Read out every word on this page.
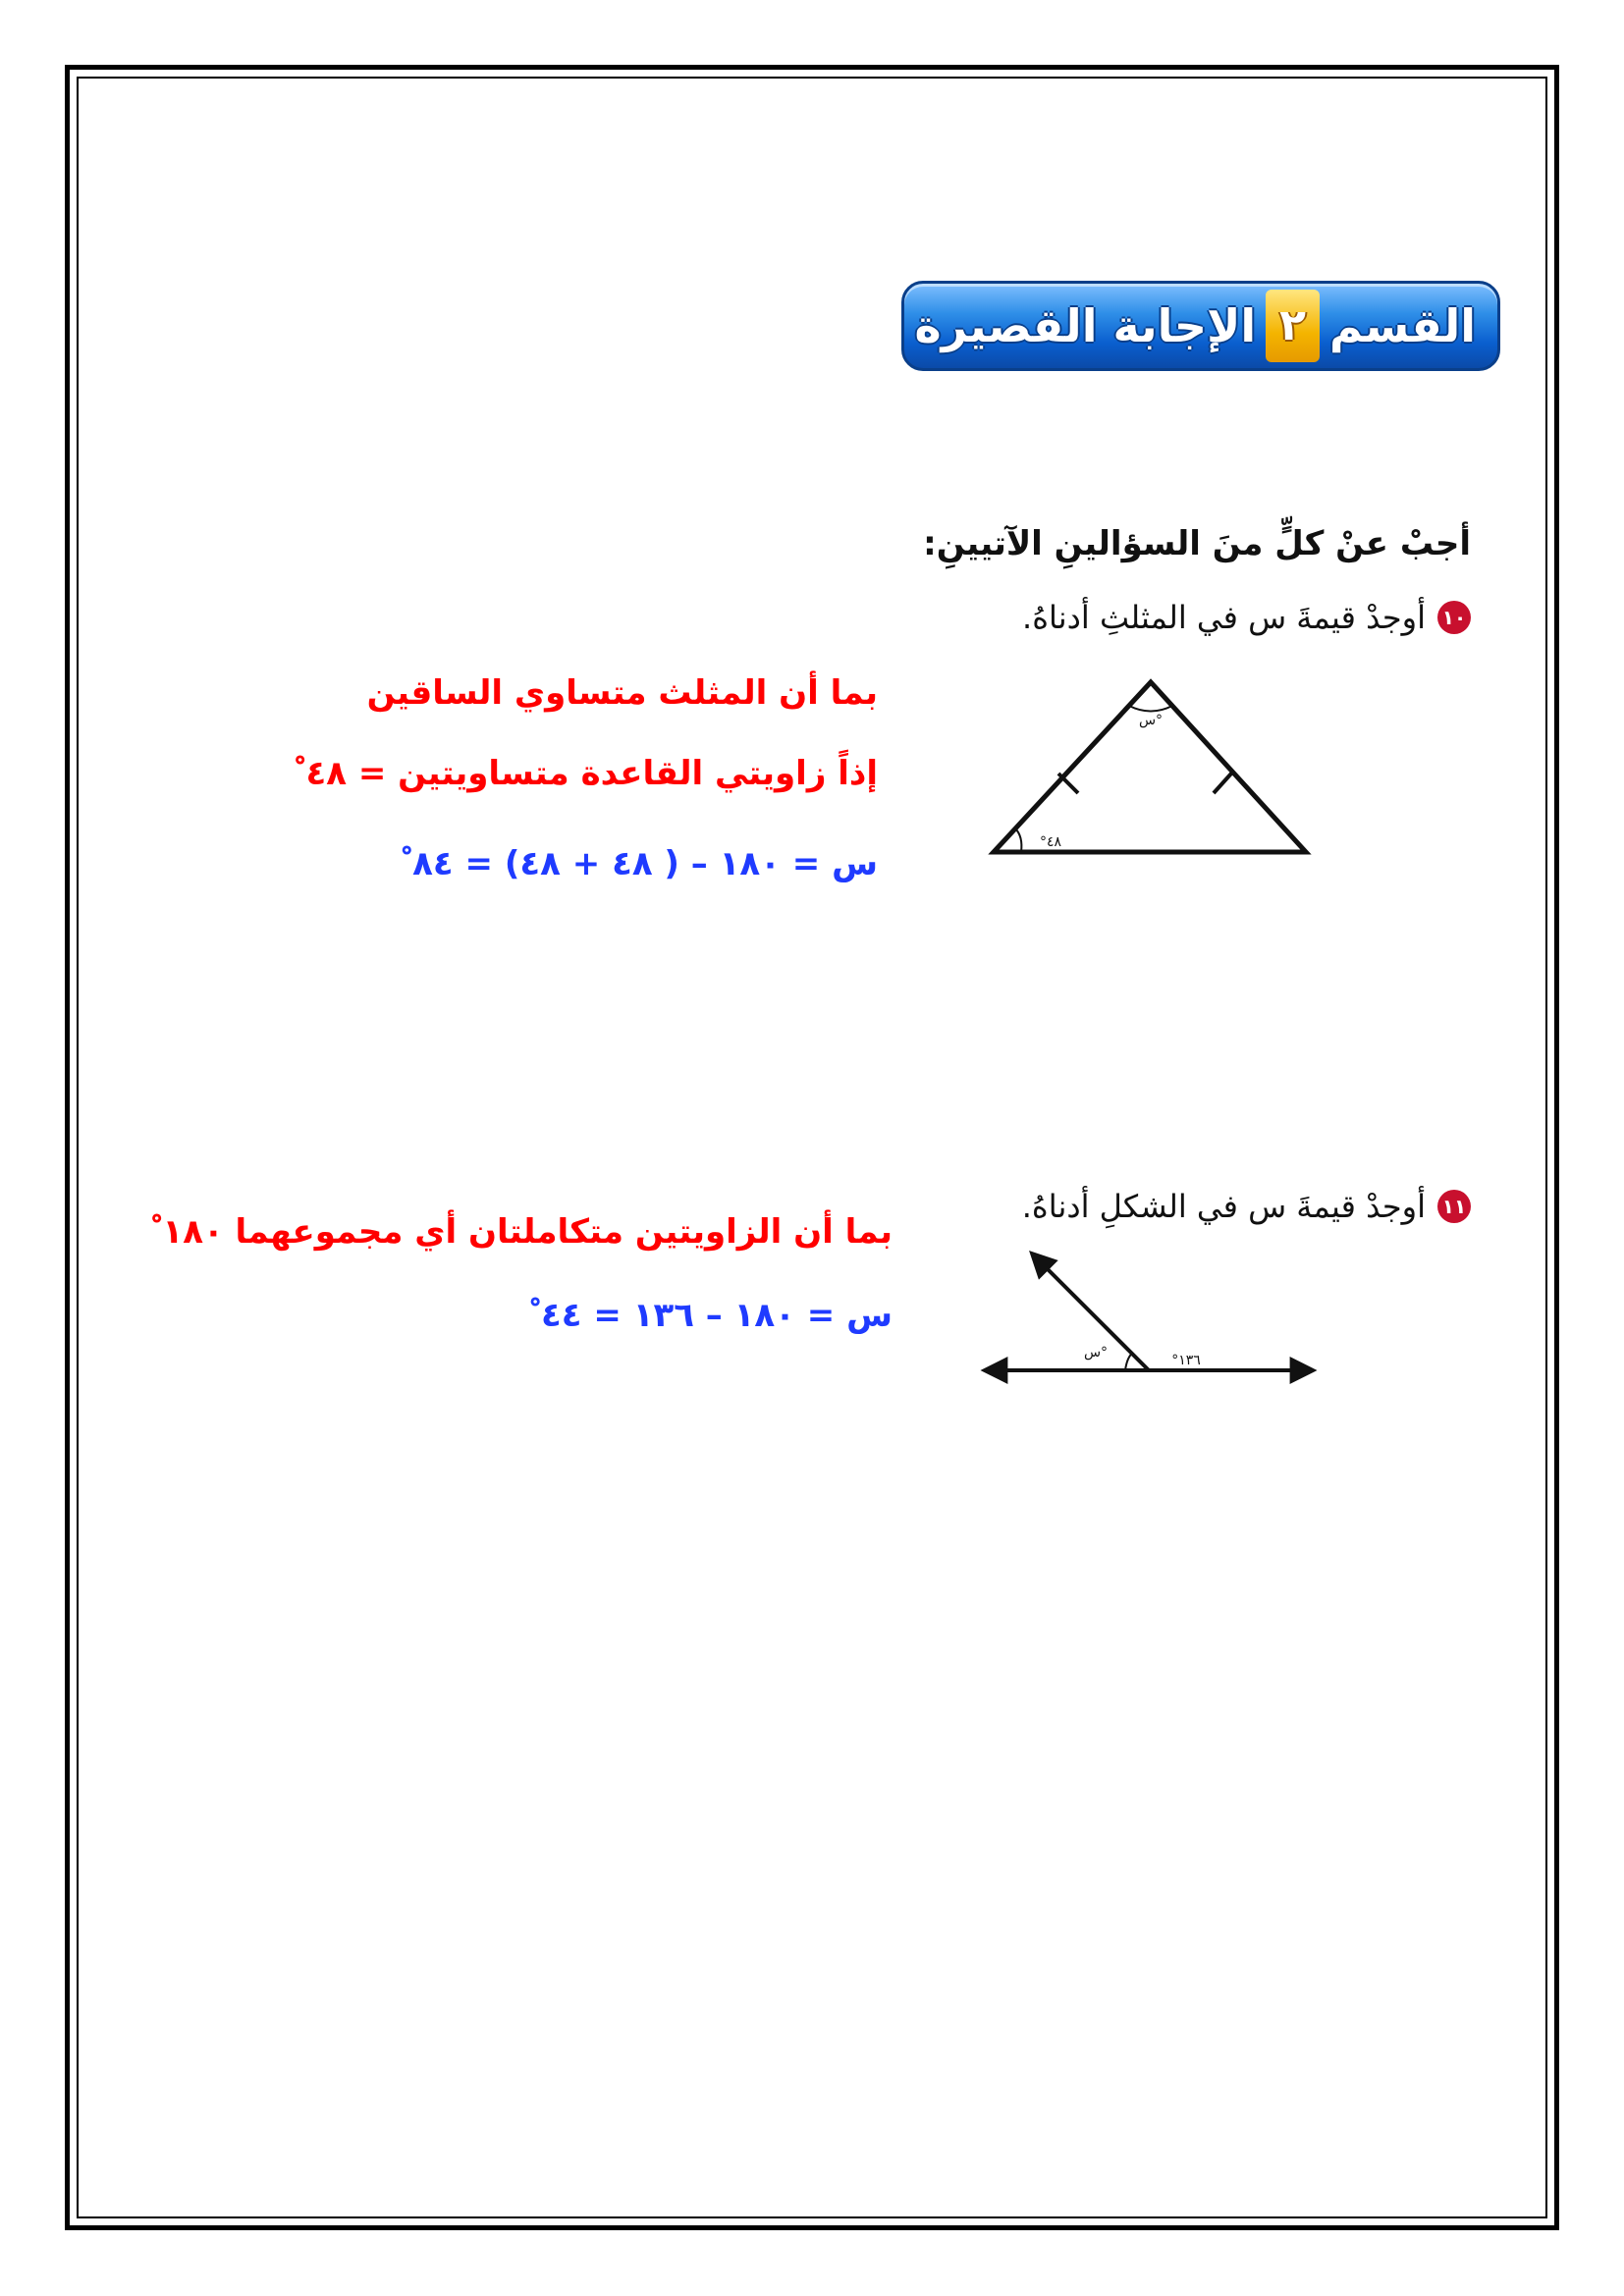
القسم
٢
الإجابة القصيرة
أجبْ عنْ كلٍّ منَ السؤالينِ الآتيينِ:
١٠
أوجدْ قيمةَ س في المثلثِ أدناهُ.
س°
°٤٨
بما أن المثلث متساوي الساقين
إذاً زاويتي القاعدة متساويتين = ٤٨ ْ
س = ١٨٠ – ( ٤٨ + ٤٨) = ٨٤ ْ
١١
أوجدْ قيمةَ س في الشكلِ أدناهُ.
س°	°١٣٦
بما أن الزاويتين متكاملتان أي مجموعهما ١٨٠ ْ
س = ١٨٠ – ١٣٦ = ٤٤ ْ
